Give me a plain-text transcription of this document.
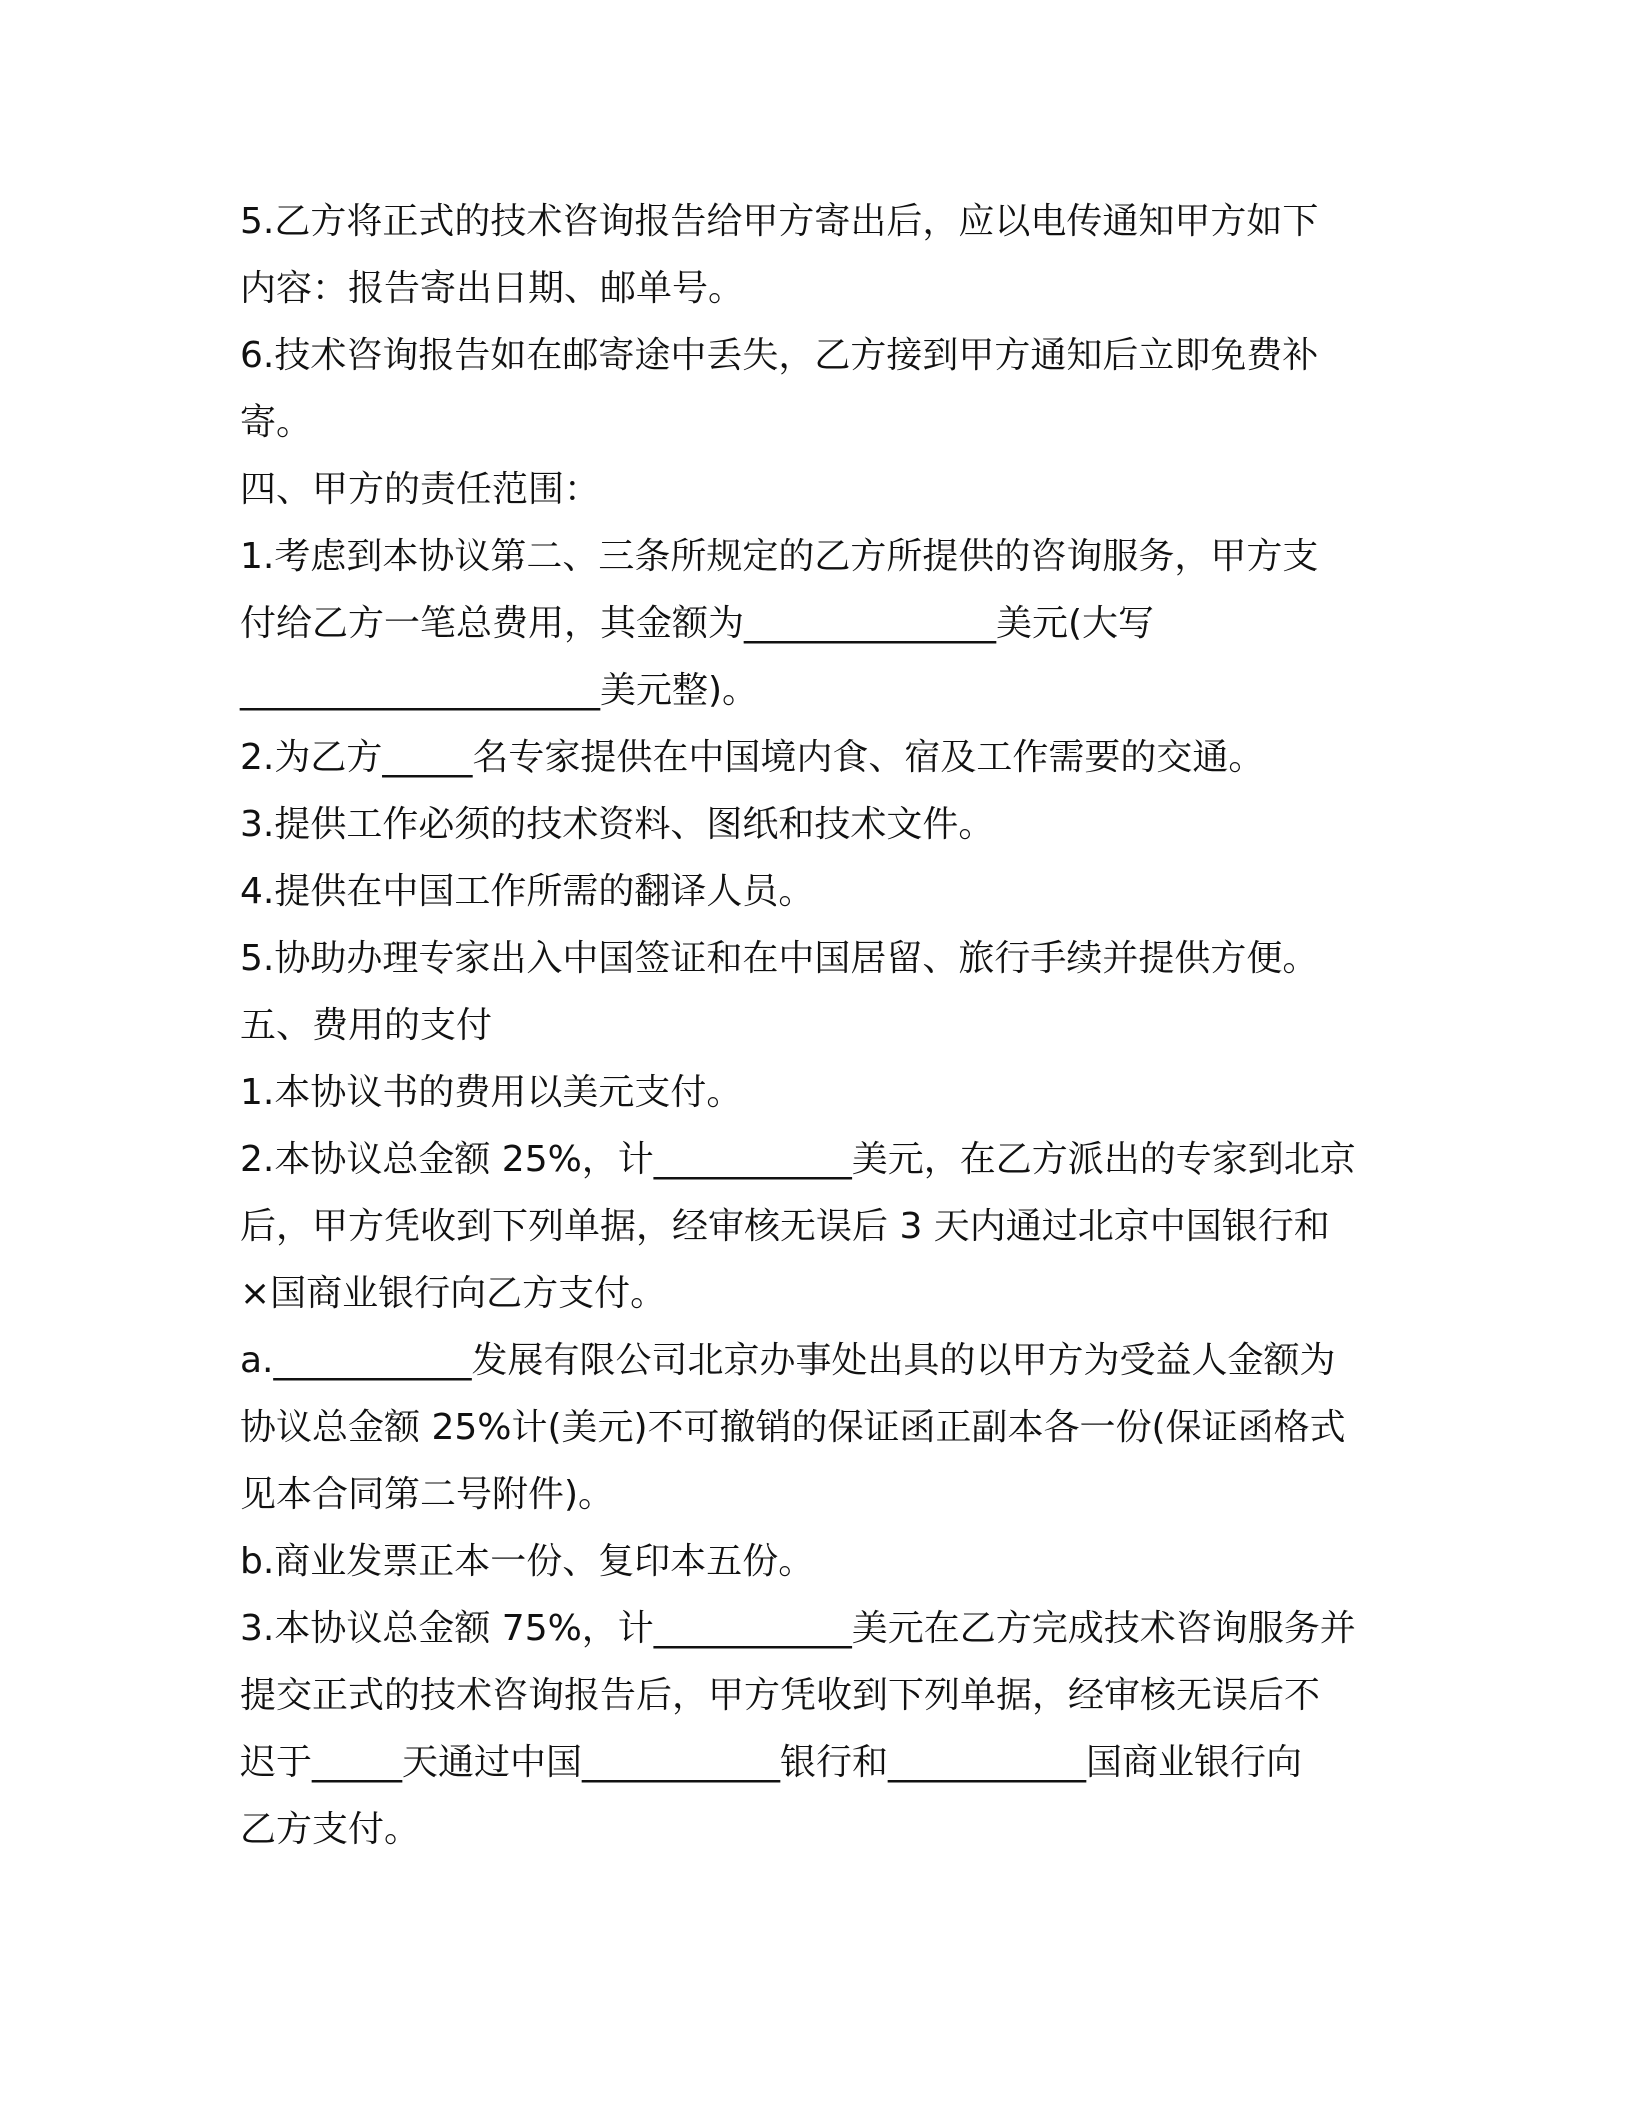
5.乙方将正式的技术咨询报告给甲方寄出后，应以电传通知甲方如下
内容：报告寄出日期、邮单号。
6.技术咨询报告如在邮寄途中丢失，乙方接到甲方通知后立即免费补
寄。
四、甲方的责任范围：
1.考虑到本协议第二、三条所规定的乙方所提供的咨询服务，甲方支
付给乙方一笔总费用，其金额为______________美元(大写
____________________美元整)。
2.为乙方_____名专家提供在中国境内食、宿及工作需要的交通。
3.提供工作必须的技术资料、图纸和技术文件。
4.提供在中国工作所需的翻译人员。
5.协助办理专家出入中国签证和在中国居留、旅行手续并提供方便。
五、费用的支付
1.本协议书的费用以美元支付。
2.本协议总金额 25%，计___________美元，在乙方派出的专家到北京
后，甲方凭收到下列单据，经审核无误后 3 天内通过北京中国银行和
×国商业银行向乙方支付。
a.___________发展有限公司北京办事处出具的以甲方为受益人金额为
协议总金额 25%计(美元)不可撤销的保证函正副本各一份(保证函格式
见本合同第二号附件)。
b.商业发票正本一份、复印本五份。
3.本协议总金额 75%，计___________美元在乙方完成技术咨询服务并
提交正式的技术咨询报告后，甲方凭收到下列单据，经审核无误后不
迟于_____天通过中国___________银行和___________国商业银行向
乙方支付。
